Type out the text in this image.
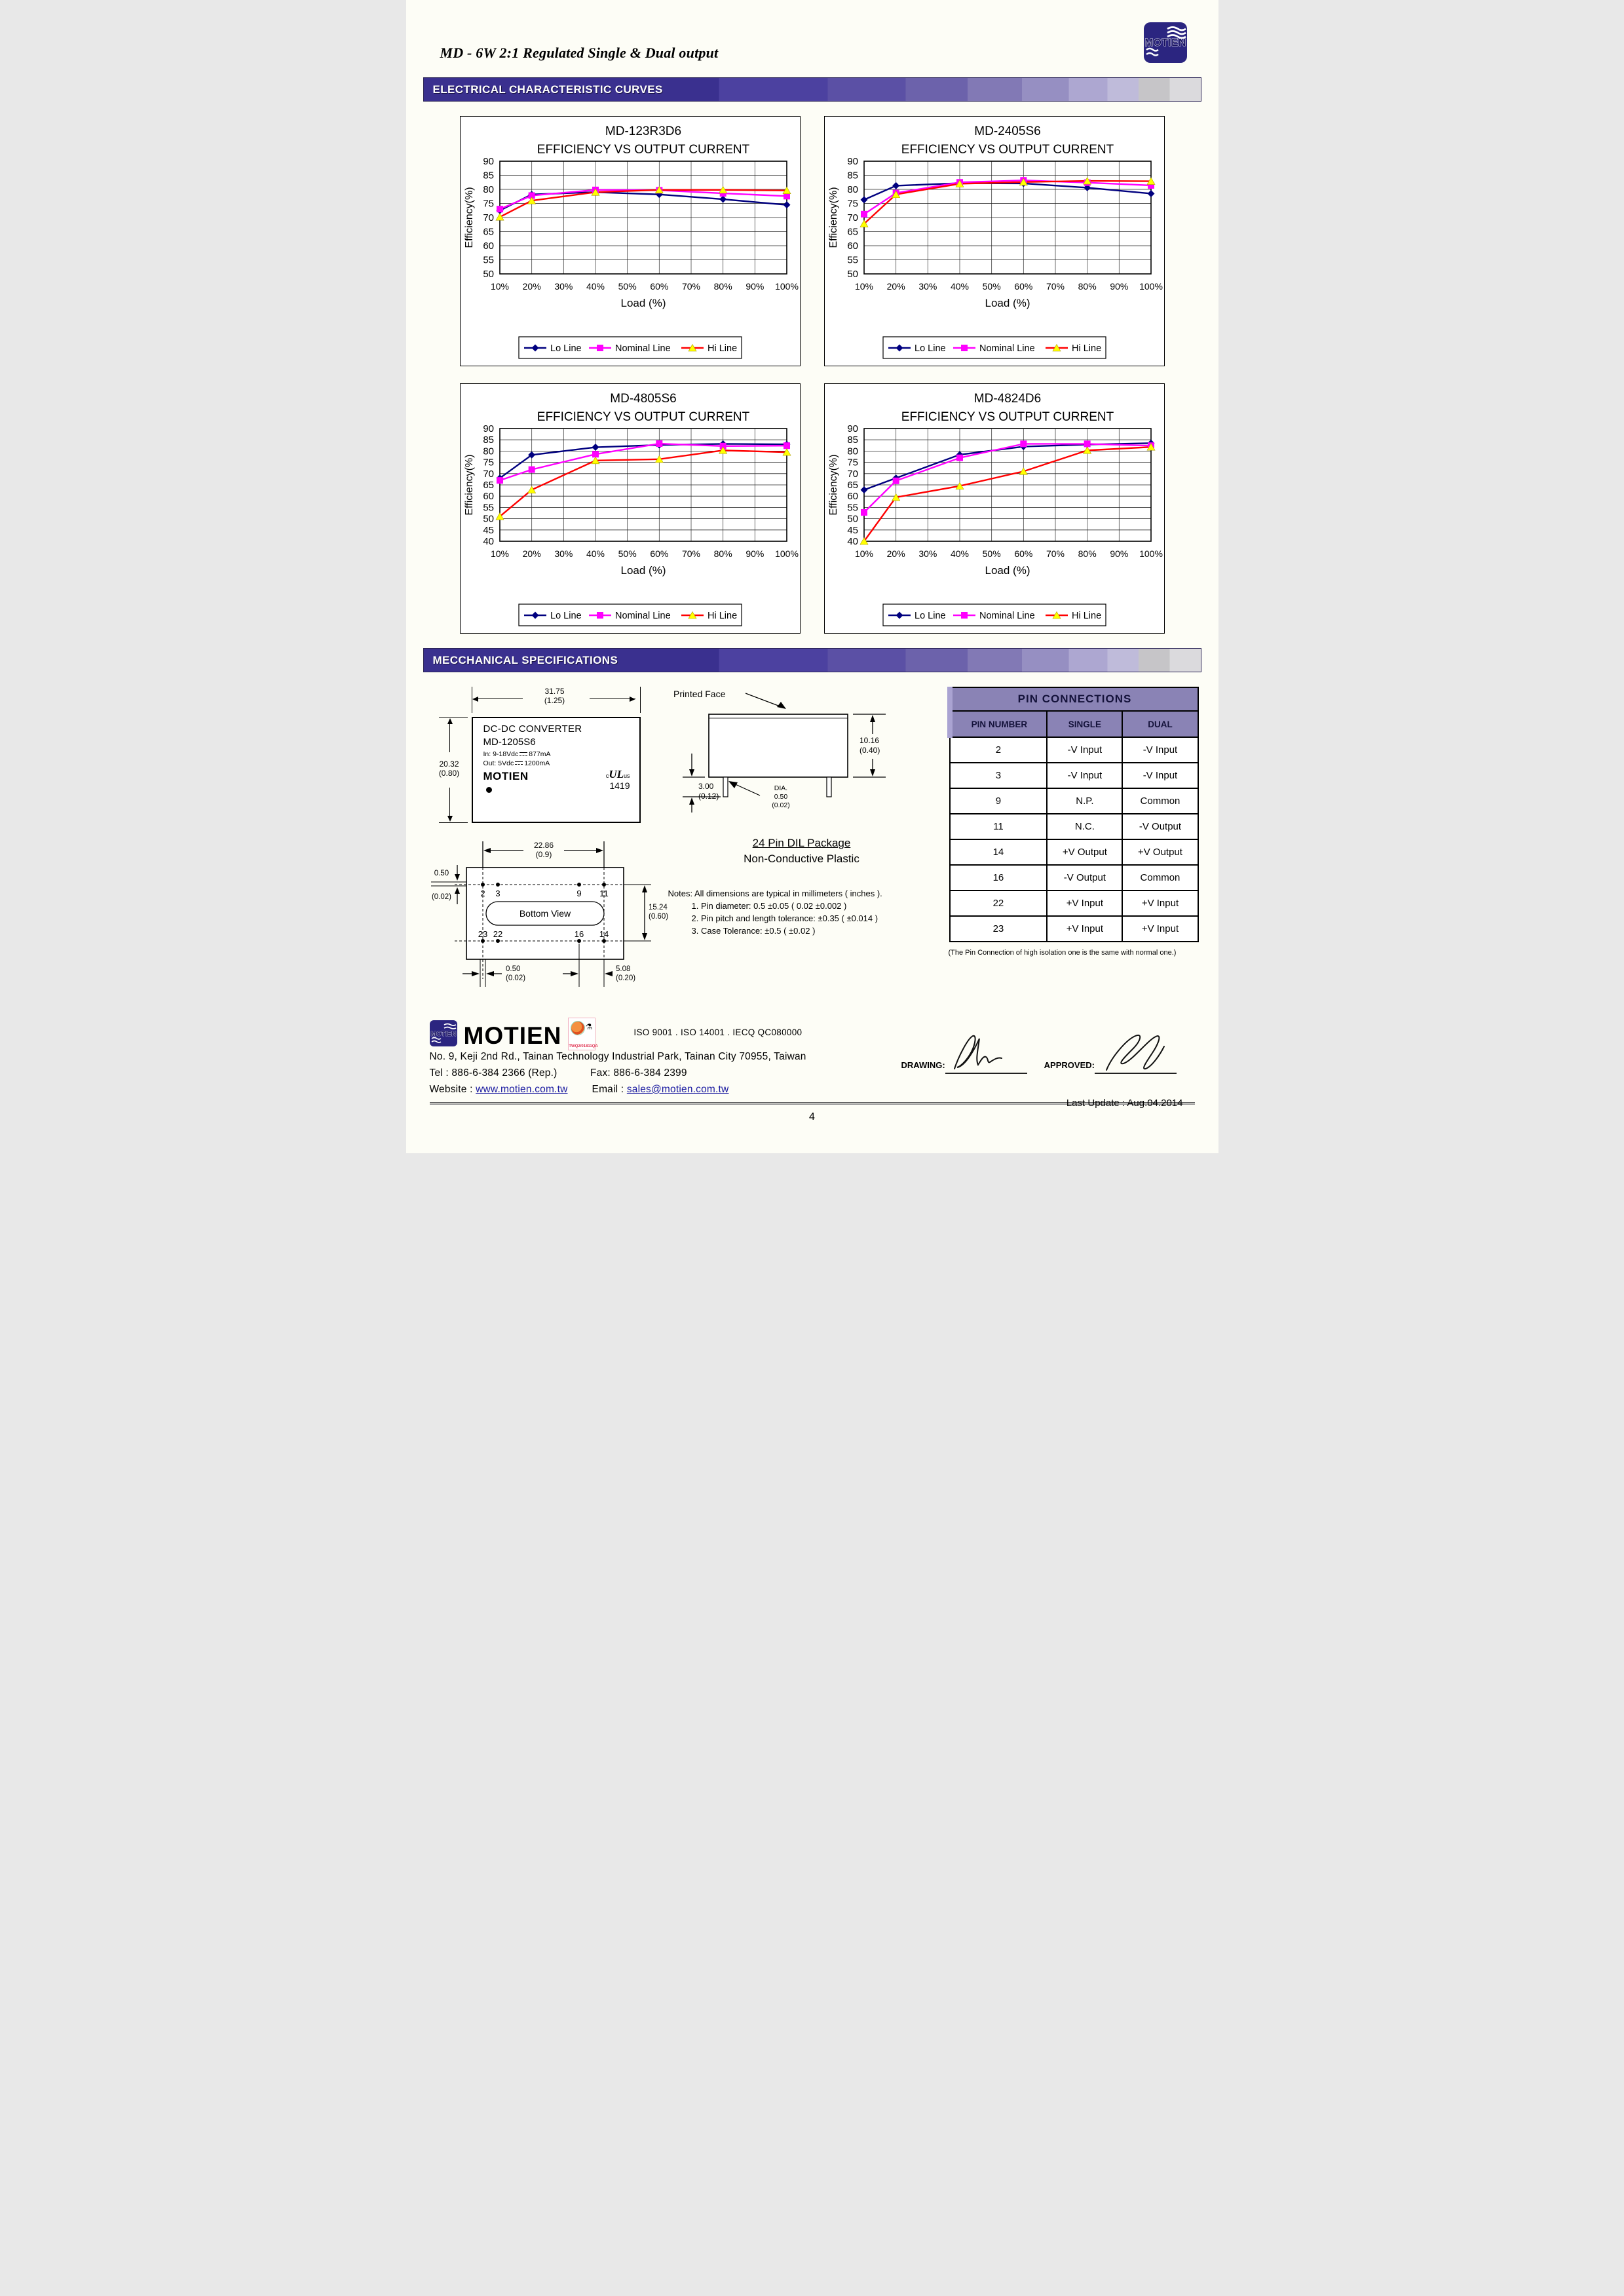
MD - 6W 2:1 Regulated Single & Dual output
MOTIEN
ELECTRICAL CHARACTERISTIC CURVES
MD-123R3D6
EFFICIENCY VS OUTPUT CURRENT
10% 20% 30% 40% 50% 60% 70% 80% 90% 100%
50
55
60
65
70
75
80
85
90
Efficiency(%)
Load (%)
Lo Line	Nominal Line	Hi Line
MD-2405S6
EFFICIENCY VS OUTPUT CURRENT
10% 20% 30% 40% 50% 60% 70% 80% 90% 100%
50
55
60
65
70
75
80
85
90
Efficiency(%)
Load (%)
Lo Line	Nominal Line	Hi Line
MD-4805S6
EFFICIENCY VS OUTPUT CURRENT
10% 20% 30% 40% 50% 60% 70% 80% 90% 100%
40
45
50
55
60
65
70
75
80
85
90
Efficiency(%)
Load (%)
Lo Line	Nominal Line	Hi Line
MD-4824D6
EFFICIENCY VS OUTPUT CURRENT
10% 20% 30% 40% 50% 60% 70% 80% 90% 100%
40
45
50
55
60
65
70
75
80
85
90
Efficiency(%)
Load (%)
Lo Line	Nominal Line	Hi Line
MECCHANICAL SPECIFICATIONS
31.75
(1.25)
20.32
(0.80)
DC-DC CONVERTER
MD-1205S6
In: 9-18Vdc 877mA
Out: 5Vdc 1200mA
MOTIEN	cULus
1419
22.86
(0.9)
2 3	9 11
23 22	16 14
Bottom View
0.50
(0.02)
15.24
(0.60)
0.50
(0.02)
5.08
(0.20)
Printed Face
10.16
(0.40)
3.00
(0.12)
DIA.
0.50
(0.02)
24 Pin DIL Package
Non-Conductive Plastic
Notes: All dimensions are typical in millimeters ( inches ).
1. Pin diameter: 0.5 ±0.05 ( 0.02 ±0.002 )
2. Pin pitch and length tolerance: ±0.35 ( ±0.014 )
3. Case Tolerance: ±0.5 ( ±0.02 )
PIN CONNECTIONS		
PIN NUMBER	SINGLE	DUAL
2	-V Input	-V Input
3	-V Input	-V Input
9	N.P.	Common
11	N.C.	-V Output
14	+V Output	+V Output
16	-V Output	Common
22	+V Input	+V Input
23	+V Input	+V Input
(The Pin Connection of high isolation one is the same with normal one.)
MOTIEN MOTIEN	⚗
TWQ2/01811QA
ISO 9001 . ISO 14001 . IECQ QC080000
No. 9, Keji 2nd Rd., Tainan Technology Industrial Park, Tainan City 70955, Taiwan
Tel : 886-6-384 2366 (Rep.)	Fax: 886-6-384 2399
Website : www.motien.com.tw Email : sales@motien.com.tw
DRAWING:	APPROVED:
Last Update : Aug.04.2014
4
